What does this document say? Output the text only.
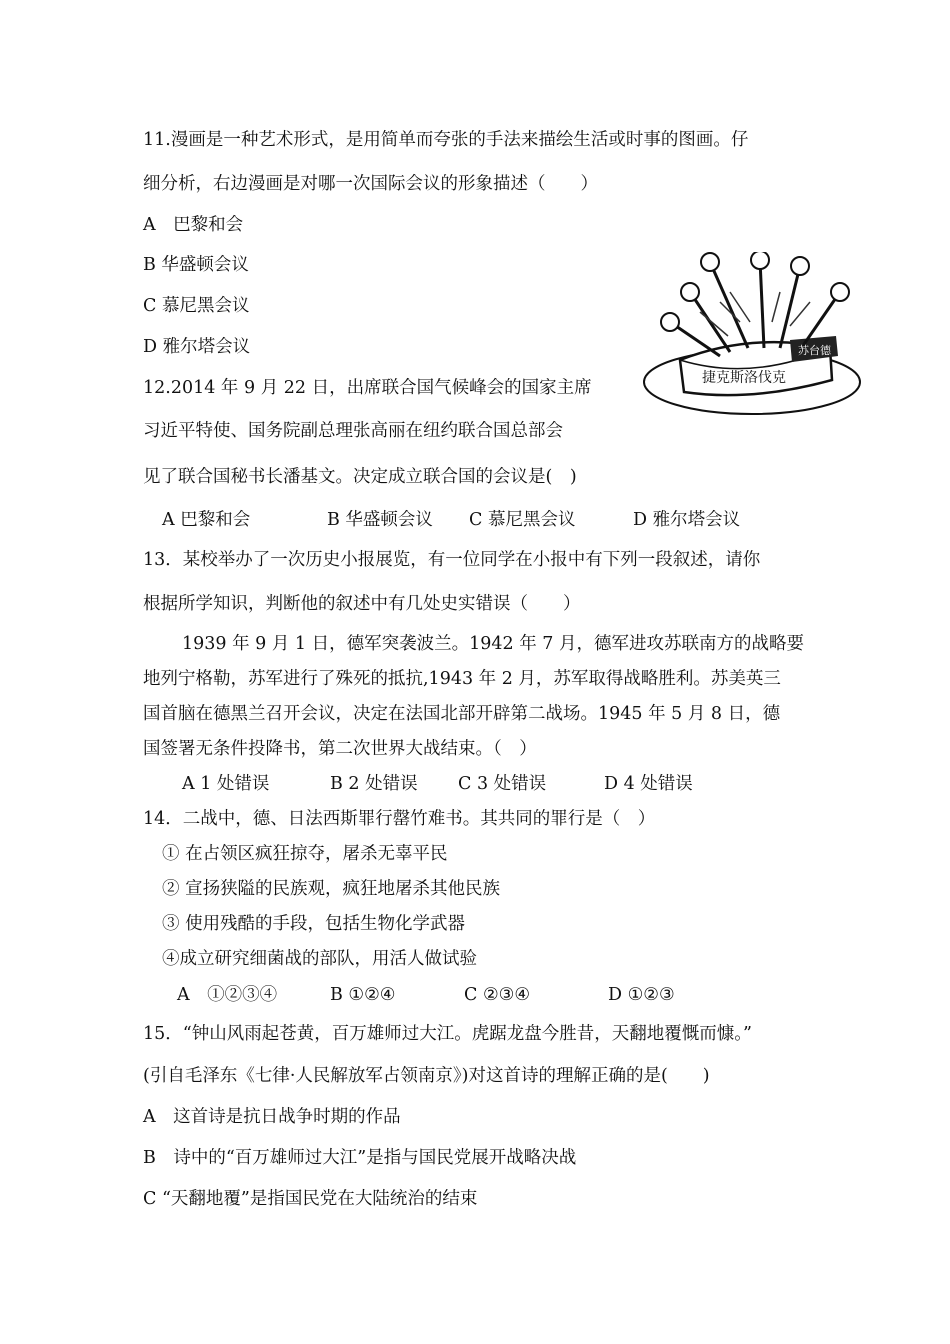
11.漫画是一种艺术形式，是用简单而夸张的手法来描绘生活或时事的图画。仔
细分析，右边漫画是对哪一次国际会议的形象描述（　　）
A　巴黎和会
B 华盛顿会议
C 慕尼黑会议
D 雅尔塔会议
捷克斯洛伐克
苏台德
12.2014 年 9 月 22 日，出席联合国气候峰会的国家主席
习近平特使、国务院副总理张高丽在纽约联合国总部会
见了联合国秘书长潘基文。决定成立联合国的会议是(　)
A 巴黎和会	B 华盛顿会议 C 慕尼黑会议	D 雅尔塔会议
13．某校举办了一次历史小报展览，有一位同学在小报中有下列一段叙述，请你
根据所学知识，判断他的叙述中有几处史实错误（　　）
1939 年 9 月 1 日，德军突袭波兰。1942 年 7 月，德军进攻苏联南方的战略要
地列宁格勒，苏军进行了殊死的抵抗,1943 年 2 月，苏军取得战略胜利。苏美英三
国首脑在德黑兰召开会议，决定在法国北部开辟第二战场。1945 年 5 月 8 日，德
国签署无条件投降书，第二次世界大战结束。（　）
A 1 处错误	B 2 处错误 C 3 处错误	D 4 处错误
14．二战中，德、日法西斯罪行罄竹难书。其共同的罪行是（　）
① 在占领区疯狂掠夺，屠杀无辜平民
② 宣扬狭隘的民族观，疯狂地屠杀其他民族
③ 使用残酷的手段，包括生物化学武器
④成立研究细菌战的部队，用活人做试验
A　①②③④	B ①②④	C ②③④	D ①②③
15．“钟山风雨起苍黄，百万雄师过大江。虎踞龙盘今胜昔，天翻地覆慨而慷。”
(引自毛泽东《七律·人民解放军占领南京》)对这首诗的理解正确的是(　　)
A　这首诗是抗日战争时期的作品
B　诗中的“百万雄师过大江”是指与国民党展开战略决战
C “天翻地覆”是指国民党在大陆统治的结束
